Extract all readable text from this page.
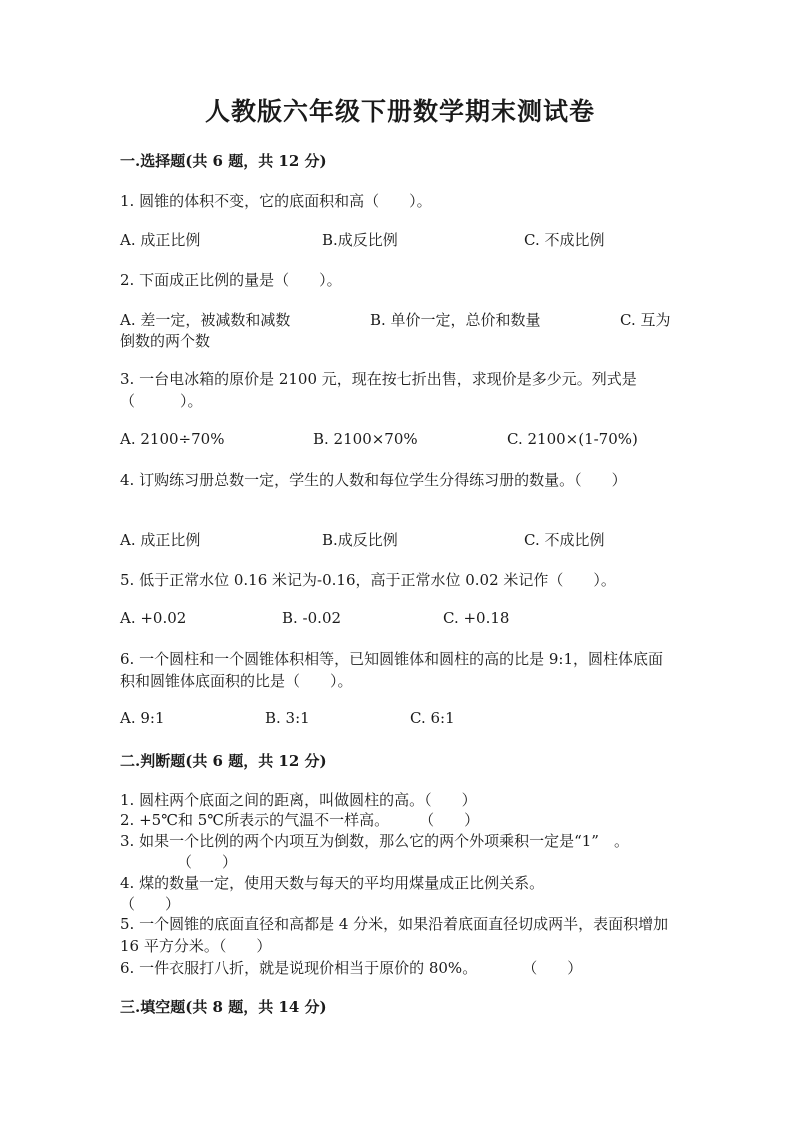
人教版六年级下册数学期末测试卷
一.选择题(共 6 题，共 12 分)
1. 圆锥的体积不变，它的底面积和高（　　）。
A. 成正比例	B.成反比例	C. 不成比例
2. 下面成正比例的量是（　　）。
A. 差一定，被减数和减数	B. 单价一定，总价和数量	C. 互为
倒数的两个数
3. 一台电冰箱的原价是 2100 元，现在按七折出售，求现价是多少元。列式是（　　　）。
A. 2100÷70%	B. 2100×70%	C. 2100×(1-70%)
4. 订购练习册总数一定，学生的人数和每位学生分得练习册的数量。（　　）
A. 成正比例	B.成反比例	C. 不成比例
5. 低于正常水位 0.16 米记为-0.16，高于正常水位 0.02 米记作（　　）。
A. +0.02	B. -0.02	C. +0.18
6. 一个圆柱和一个圆锥体积相等，已知圆锥体和圆柱的高的比是 9:1，圆柱体底面积和圆锥体底面积的比是（　　）。
A. 9:1	B. 3:1	C. 6:1
二.判断题(共 6 题，共 12 分)
1. 圆柱两个底面之间的距离，叫做圆柱的高。（　　）
2. +5℃和 5℃所表示的气温不一样高。　　　（　　）
3. 如果一个比例的两个内项互为倒数，那么它的两个外项乘积一定是“1”　。
（　　）
4. 煤的数量一定，使用天数与每天的平均用煤量成正比例关系。
（　　）
5. 一个圆锥的底面直径和高都是 4 分米，如果沿着底面直径切成两半，表面积增加 16 平方分米。（　　）
6. 一件衣服打八折，就是说现价相当于原价的 80%。　　　　（　　）
三.填空题(共 8 题，共 14 分)
